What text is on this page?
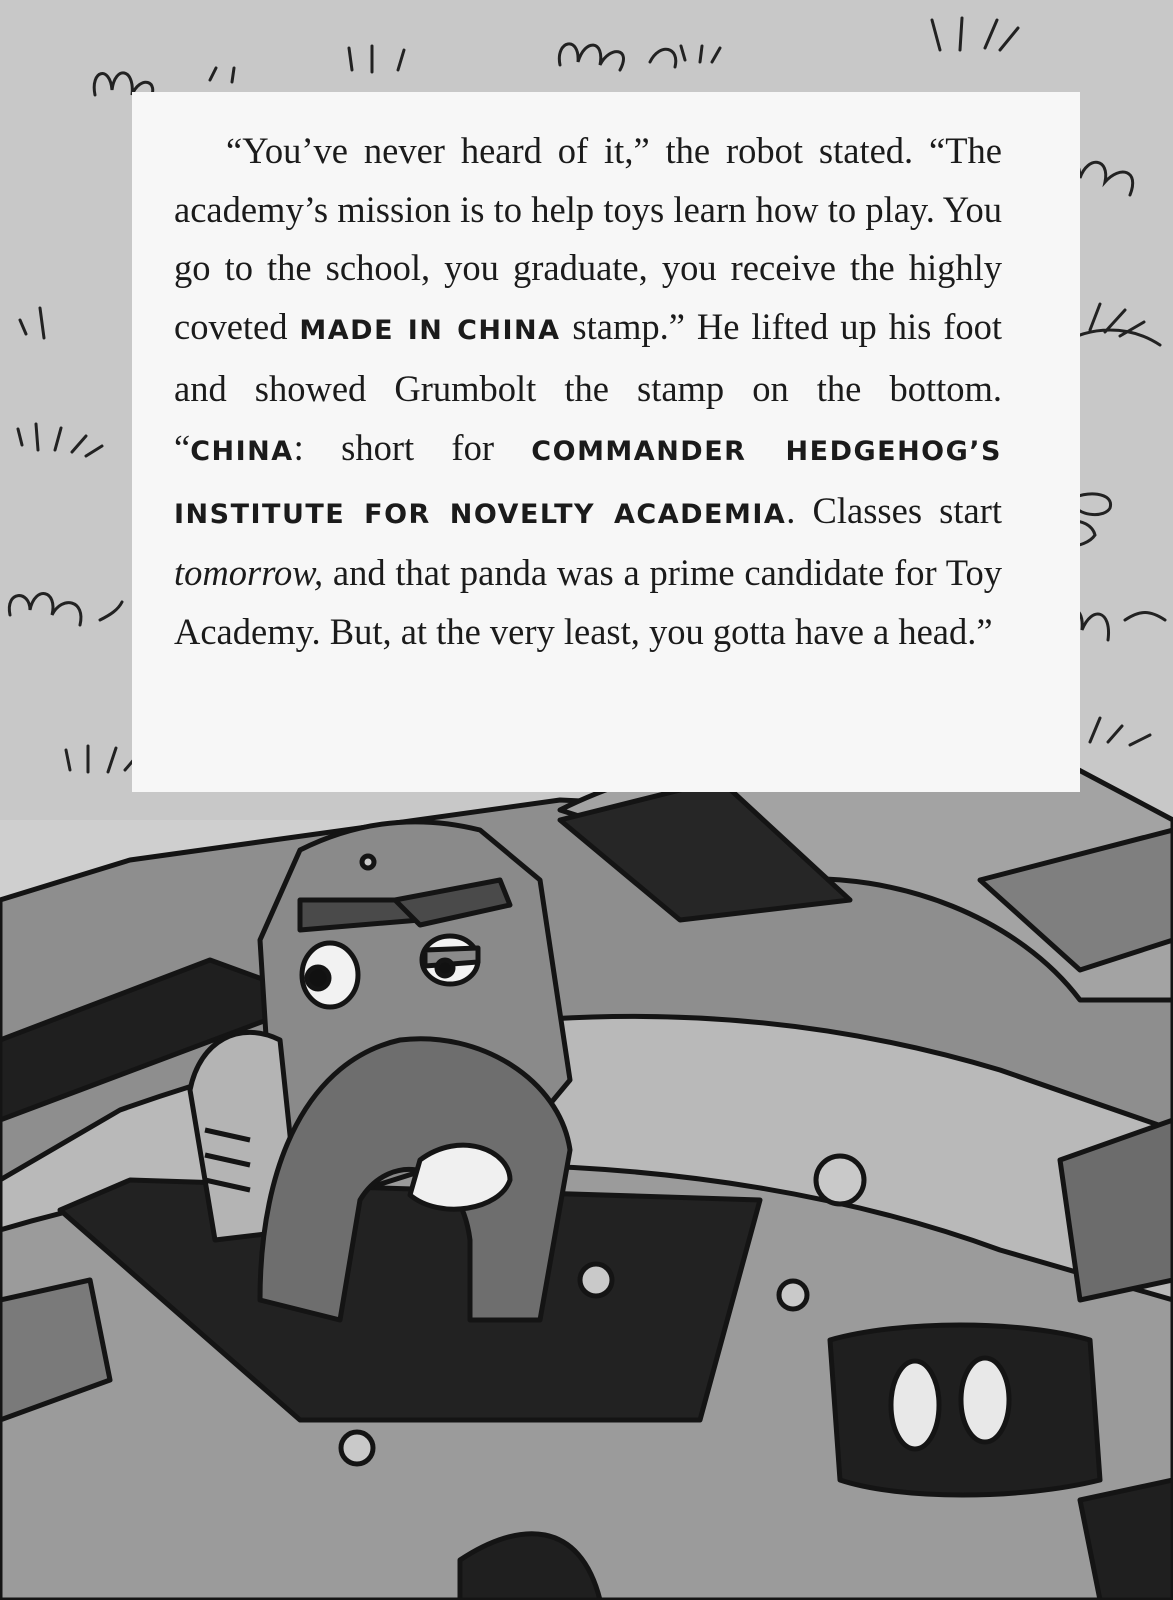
“You’ve never heard of it,” the robot stated. “The academy’s mission is to help toys learn how to play. You go to the school, you graduate, you receive the highly coveted MADE IN CHINA stamp.” He lifted up his foot and showed Grumbolt the stamp on the bottom. “CHINA: short for COMMANDER HEDGEHOG’S INSTITUTE FOR NOVELTY ACADEMIA. Classes start tomorrow, and that panda was a prime candidate for Toy Academy. But, at the very least, you gotta have a head.”
